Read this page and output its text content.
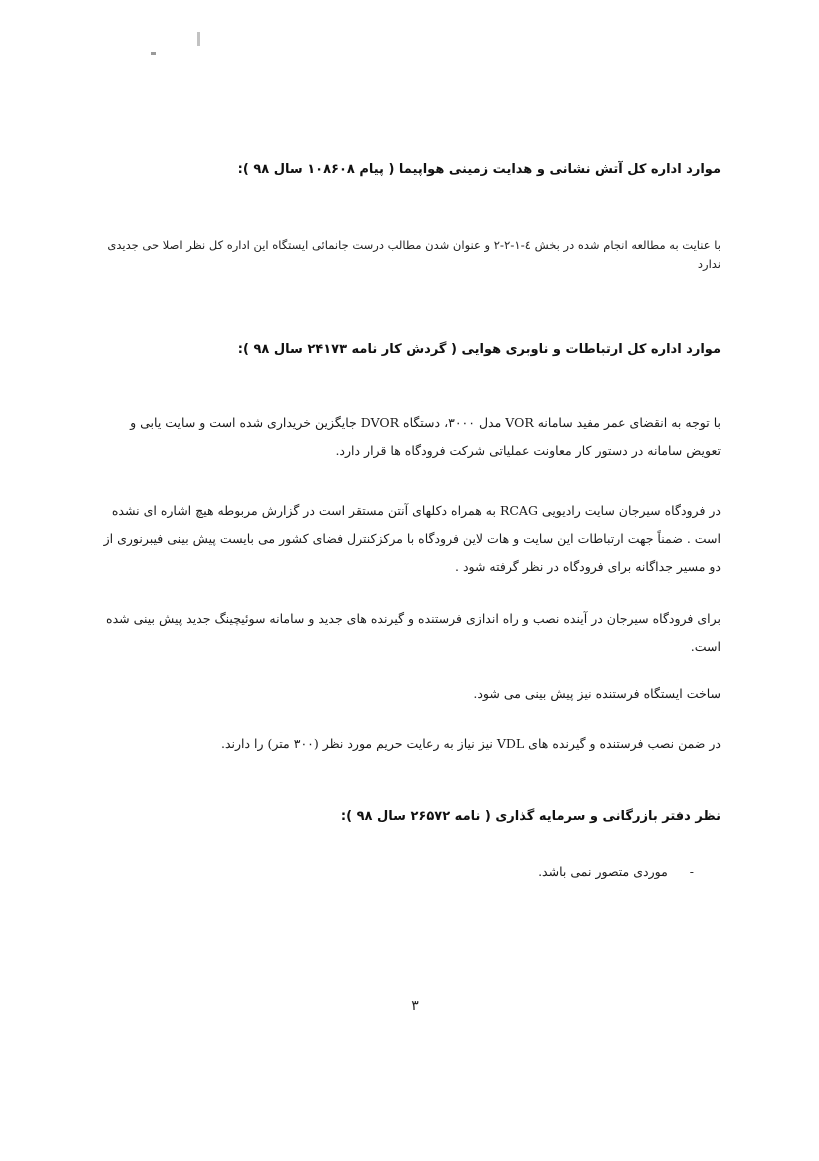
موارد اداره کل آتش نشانی و هدایت زمینی هواپیما ( پیام ۱۰۸۶۰۸ سال ۹۸ ):
با عنایت به مطالعه انجام شده در بخش ٤-١-٢-٢ و عنوان شدن مطالب درست جانمائی ایستگاه این اداره کل نظر اصلا حی جدیدی ندارد
موارد اداره کل ارتباطات و ناوبری هوایی ( گردش کار نامه ۲۴۱۷۳ سال ۹۸ ):
با توجه به انقضای عمر مفید سامانه VOR مدل ۳۰۰۰، دستگاه DVOR جایگزین خریداری شده است و سایت یابی و تعویض سامانه در دستور کار معاونت عملیاتی شرکت فرودگاه ها قرار دارد.
در فرودگاه سیرجان سایت رادیویی RCAG به همراه دکلهای آنتن مستقر است در گزارش مربوطه هیچ اشاره ای نشده است . ضمناً جهت ارتباطات این سایت و هات لاین فرودگاه با مرکزکنترل فضای کشور می بایست پیش بینی فیبرنوری از دو مسیر جداگانه برای فرودگاه در نظر گرفته شود .
برای فرودگاه سیرجان در آینده نصب و راه اندازی فرستنده و گیرنده های جدید و سامانه سوئیچینگ جدید پیش بینی شده است.
ساخت ایستگاه فرستنده نیز پیش بینی می شود.
در ضمن نصب فرستنده و گیرنده های VDL نیز نیاز به رعایت حریم مورد نظر (۳۰۰ متر) را دارند.
نظر دفتر بازرگانی و سرمایه گذاری ( نامه ۲۶۵۷۲ سال ۹۸ ):
-
موردی متصور نمی باشد.
۳
